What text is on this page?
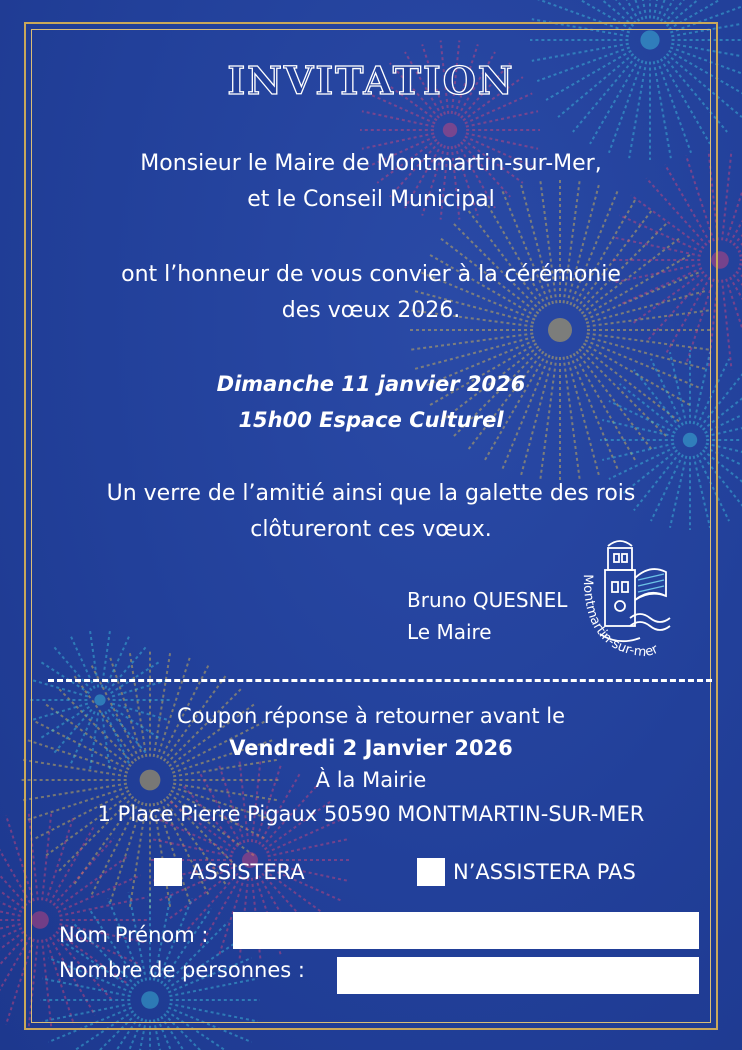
INVITATION
Monsieur le Maire de Montmartin-sur-Mer,
et le Conseil Municipal
ont l’honneur de vous convier à la cérémonie
des vœux 2026.
Dimanche 11 janvier 2026
15h00 Espace Culturel
Un verre de l’amitié ainsi que la galette des rois
clôtureront ces vœux.
Bruno QUESNEL
Le Maire
Montmartin-sur-mer
Coupon réponse à retourner avant le
Vendredi 2 Janvier 2026
À la Mairie
1 Place Pierre Pigaux 50590 MONTMARTIN-SUR-MER
ASSISTERA	N’ASSISTERA PAS
Nom Prénom :
Nombre de personnes :
